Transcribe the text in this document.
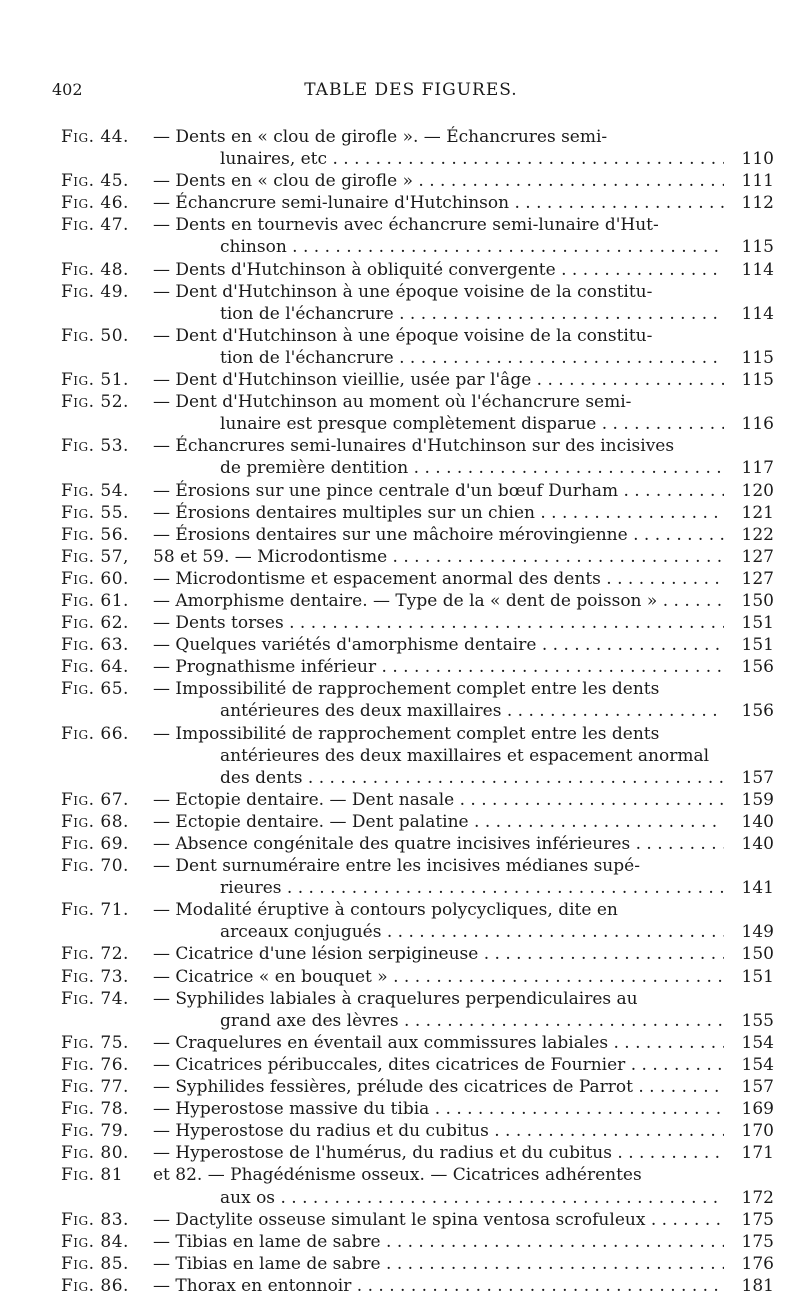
402	TABLE DES FIGURES.
Fig. 44.	— Dents en « clou de girofle ». — Échancrures semi-
lunaires, etc . . .	110
Fig. 45.	— Dents en « clou de girofle » . . .	111
Fig. 46.	— Échancrure semi-lunaire d'Hutchinson . . .	112
Fig. 47.	— Dents en tournevis avec échancrure semi-lunaire d'Hut-
chinson . . .	115
Fig. 48.	— Dents d'Hutchinson à obliquité convergente . . .	114
Fig. 49.	— Dent d'Hutchinson à une époque voisine de la constitu-
tion de l'échancrure . . .	114
Fig. 50.	— Dent d'Hutchinson à une époque voisine de la constitu-
tion de l'échancrure . . .	115
Fig. 51.	— Dent d'Hutchinson vieillie, usée par l'âge . . .	115
Fig. 52.	— Dent d'Hutchinson au moment où l'échancrure semi-
lunaire est presque complètement disparue . . .	116
Fig. 53.	— Échancrures semi-lunaires d'Hutchinson sur des incisives
de première dentition . . .	117
Fig. 54.	— Érosions sur une pince centrale d'un bœuf Durham . . .	120
Fig. 55.	— Érosions dentaires multiples sur un chien . . .	121
Fig. 56.	— Érosions dentaires sur une mâchoire mérovingienne . . .	122
Fig. 57,	58 et 59. — Microdontisme . . .	127
Fig. 60.	— Microdontisme et espacement anormal des dents . . .	127
Fig. 61.	— Amorphisme dentaire. — Type de la « dent de poisson » . . .	150
Fig. 62.	— Dents torses . . .	151
Fig. 63.	— Quelques variétés d'amorphisme dentaire . . .	151
Fig. 64.	— Prognathisme inférieur . . .	156
Fig. 65.	— Impossibilité de rapprochement complet entre les dents
antérieures des deux maxillaires . . .	156
Fig. 66.	— Impossibilité de rapprochement complet entre les dents
antérieures des deux maxillaires et espacement anormal
des dents . . .	157
Fig. 67.	— Ectopie dentaire. — Dent nasale . . .	159
Fig. 68.	— Ectopie dentaire. — Dent palatine . . .	140
Fig. 69.	— Absence congénitale des quatre incisives inférieures . . .	140
Fig. 70.	— Dent surnuméraire entre les incisives médianes supé-
rieures . . .	141
Fig. 71.	— Modalité éruptive à contours polycycliques, dite en
arceaux conjugués . . .	149
Fig. 72.	— Cicatrice d'une lésion serpigineuse . . .	150
Fig. 73.	— Cicatrice « en bouquet » . . .	151
Fig. 74.	— Syphilides labiales à craquelures perpendiculaires au
grand axe des lèvres . . .	155
Fig. 75.	— Craquelures en éventail aux commissures labiales . . .	154
Fig. 76.	— Cicatrices péribuccales, dites cicatrices de Fournier . . .	154
Fig. 77.	— Syphilides fessières, prélude des cicatrices de Parrot . . .	157
Fig. 78.	— Hyperostose massive du tibia . . .	169
Fig. 79.	— Hyperostose du radius et du cubitus . . .	170
Fig. 80.	— Hyperostose de l'humérus, du radius et du cubitus . . .	171
Fig. 81	et 82. — Phagédénisme osseux. — Cicatrices adhérentes
aux os . . .	172
Fig. 83.	— Dactylite osseuse simulant le spina ventosa scrofuleux . . .	175
Fig. 84.	— Tibias en lame de sabre . . .	175
Fig. 85.	— Tibias en lame de sabre . . .	176
Fig. 86.	— Thorax en entonnoir . . .	181
